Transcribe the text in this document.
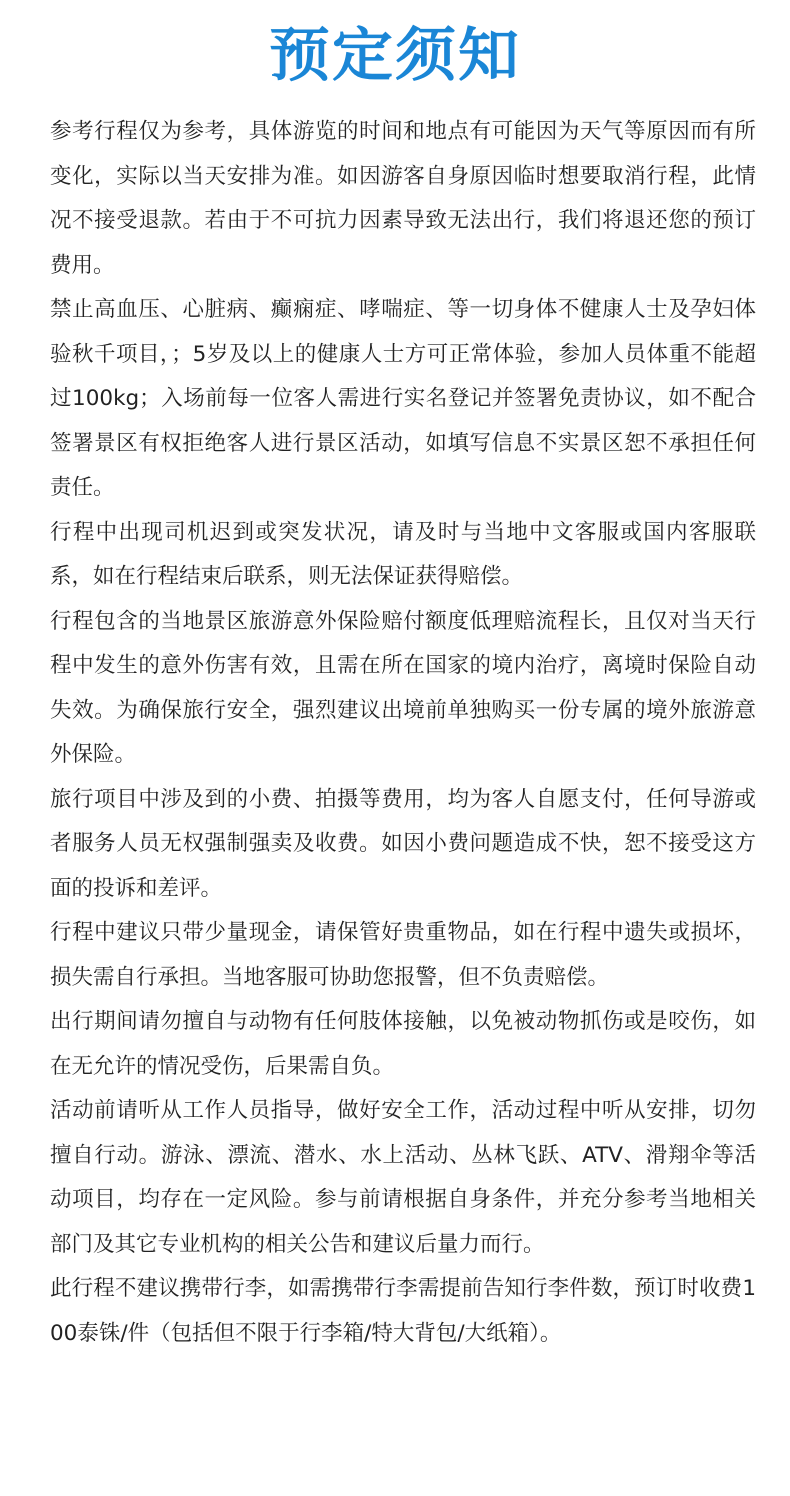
预定须知

参考行程仅为参考，具体游览的时间和地点有可能因为天气等原因而有所变化，实际以当天安排为准。如因游客自身原因临时想要取消行程，此情况不接受退款。若由于不可抗力因素导致无法出行，我们将退还您的预订费用。

禁止高血压、心脏病、癫痫症、哮喘症、等一切身体不健康人士及孕妇体验秋千项目，；5岁及以上的健康人士方可正常体验，参加人员体重不能超过100kg；入场前每一位客人需进行实名登记并签署免责协议，如不配合签署景区有权拒绝客人进行景区活动，如填写信息不实景区恕不承担任何责任。

行程中出现司机迟到或突发状况，请及时与当地中文客服或国内客服联系，如在行程结束后联系，则无法保证获得赔偿。

行程包含的当地景区旅游意外保险赔付额度低理赔流程长，且仅对当天行程中发生的意外伤害有效，且需在所在国家的境内治疗，离境时保险自动失效。为确保旅行安全，强烈建议出境前单独购买一份专属的境外旅游意外保险。

旅行项目中涉及到的小费、拍摄等费用，均为客人自愿支付，任何导游或者服务人员无权强制强卖及收费。如因小费问题造成不快，恕不接受这方面的投诉和差评。

行程中建议只带少量现金，请保管好贵重物品，如在行程中遗失或损坏，损失需自行承担。当地客服可协助您报警，但不负责赔偿。

出行期间请勿擅自与动物有任何肢体接触，以免被动物抓伤或是咬伤，如在无允许的情况受伤，后果需自负。

活动前请听从工作人员指导，做好安全工作，活动过程中听从安排，切勿擅自行动。游泳、漂流、潜水、水上活动、丛林飞跃、ATV、滑翔伞等活动项目，均存在一定风险。参与前请根据自身条件，并充分参考当地相关部门及其它专业机构的相关公告和建议后量力而行。

此行程不建议携带行李，如需携带行李需提前告知行李件数，预订时收费100泰铢/件（包括但不限于行李箱/特大背包/大纸箱）。
